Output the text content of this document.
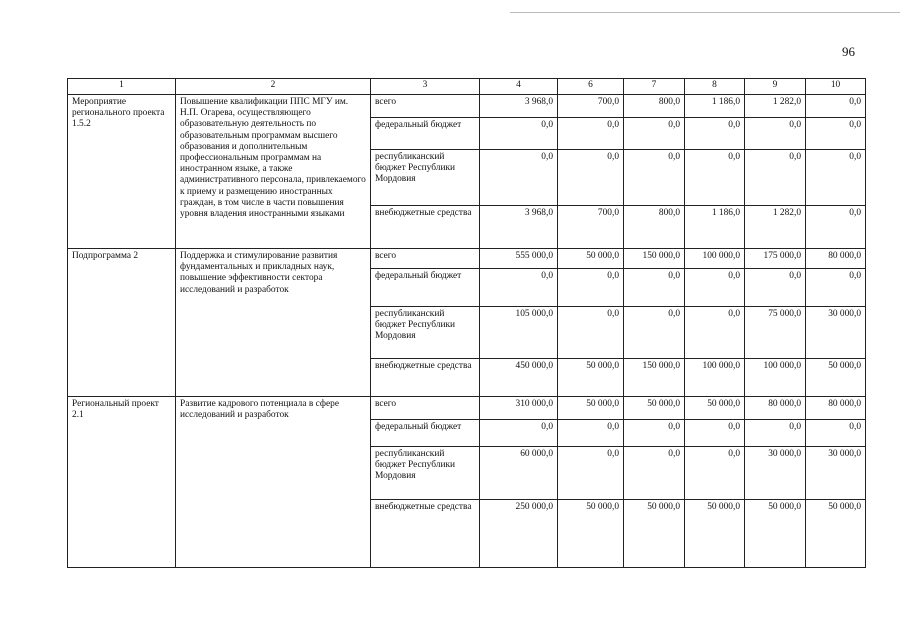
96
1	2	3	4	6	7	8	9	10
Мероприятие регионального проекта 1.5.2	Повышение квалификации ППС МГУ им. Н.П. Огарева, осуществляющего образовательную деятельность по образовательным программам высшего образования и дополнительным профессиональным программам на иностранном языке, а также административного персонала, привлекаемого к приему и размещению иностранных граждан, в том числе в части повышения уровня владения иностранными языками	всего	3 968,0	700,0	800,0	1 186,0	1 282,0	0,0
		федеральный бюджет	0,0	0,0	0,0	0,0	0,0	0,0
		республиканский бюджет Республики Мордовия	0,0	0,0	0,0	0,0	0,0	0,0
		внебюджетные средства	3 968,0	700,0	800,0	1 186,0	1 282,0	0,0
Подпрограмма 2	Поддержка и стимулирование развития фундаментальных и прикладных наук, повышение эффективности сектора исследований и разработок	всего	555 000,0	50 000,0	150 000,0	100 000,0	175 000,0	80 000,0
		федеральный бюджет	0,0	0,0	0,0	0,0	0,0	0,0
		республиканский бюджет Республики Мордовия	105 000,0	0,0	0,0	0,0	75 000,0	30 000,0
		внебюджетные средства	450 000,0	50 000,0	150 000,0	100 000,0	100 000,0	50 000,0
Региональный проект 2.1	Развитие кадрового потенциала в сфере исследований и разработок	всего	310 000,0	50 000,0	50 000,0	50 000,0	80 000,0	80 000,0
		федеральный бюджет	0,0	0,0	0,0	0,0	0,0	0,0
		республиканский бюджет Республики Мордовия	60 000,0	0,0	0,0	0,0	30 000,0	30 000,0
		внебюджетные средства	250 000,0	50 000,0	50 000,0	50 000,0	50 000,0	50 000,0
